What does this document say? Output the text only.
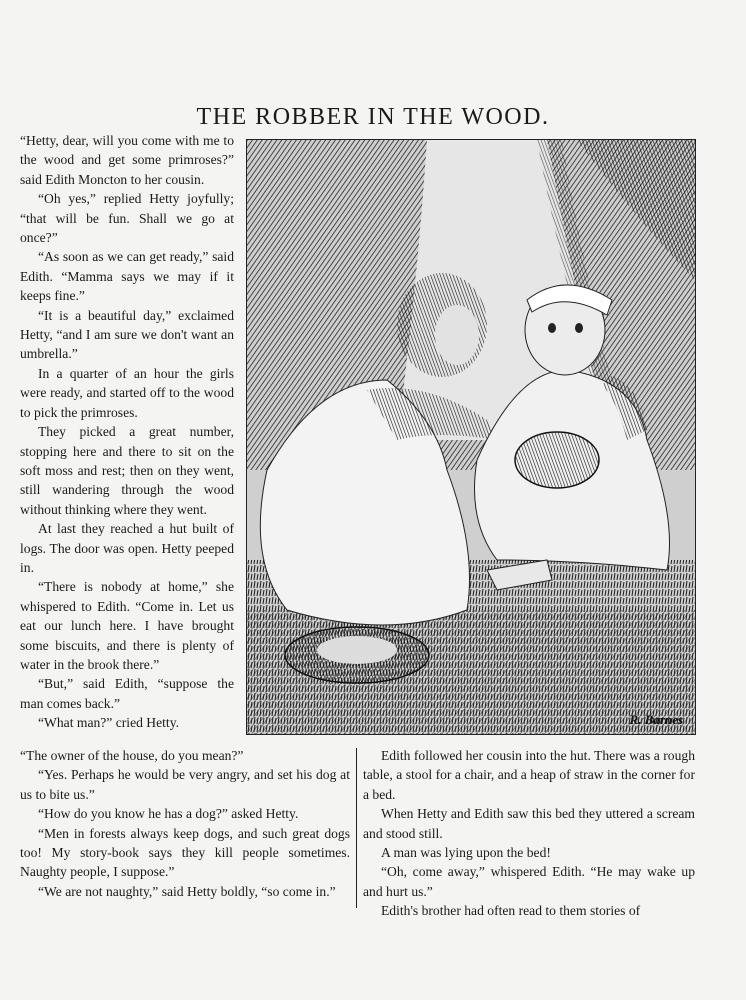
THE ROBBER IN THE WOOD.

“Hetty, dear, will you come with me to the wood and get some primroses?” said Edith Moncton to her cousin.

“Oh yes,” replied Hetty joyfully; “that will be fun. Shall we go at once?”

“As soon as we can get ready,” said Edith. “Mamma says we may if it keeps fine.”

“It is a beautiful day,” exclaimed Hetty, “and I am sure we don't want an umbrella.”

In a quarter of an hour the girls were ready, and started off to the wood to pick the primroses.

They picked a great number, stopping here and there to sit on the soft moss and rest; then on they went, still wandering through the wood without thinking where they went.

At last they reached a hut built of logs. The door was open. Hetty peeped in.

“There is nobody at home,” she whispered to Edith. “Come in. Let us eat our lunch here. I have brought some biscuits, and there is plenty of water in the brook there.”

“But,” said Edith, “suppose the man comes back.”

“What man?” cried Hetty.	R. Barnes

“The owner of the house, do you mean?”

“Yes. Perhaps he would be very angry, and set his dog at us to bite us.”

“How do you know he has a dog?” asked Hetty.

“Men in forests always keep dogs, and such great dogs too! My story-book says they kill people sometimes. Naughty people, I suppose.”

“We are not naughty,” said Hetty boldly, “so come in.”

Edith followed her cousin into the hut. There was a rough table, a stool for a chair, and a heap of straw in the corner for a bed.

When Hetty and Edith saw this bed they uttered a scream and stood still.

A man was lying upon the bed!

“Oh, come away,” whispered Edith. “He may wake up and hurt us.”

Edith's brother had often read to them stories of
